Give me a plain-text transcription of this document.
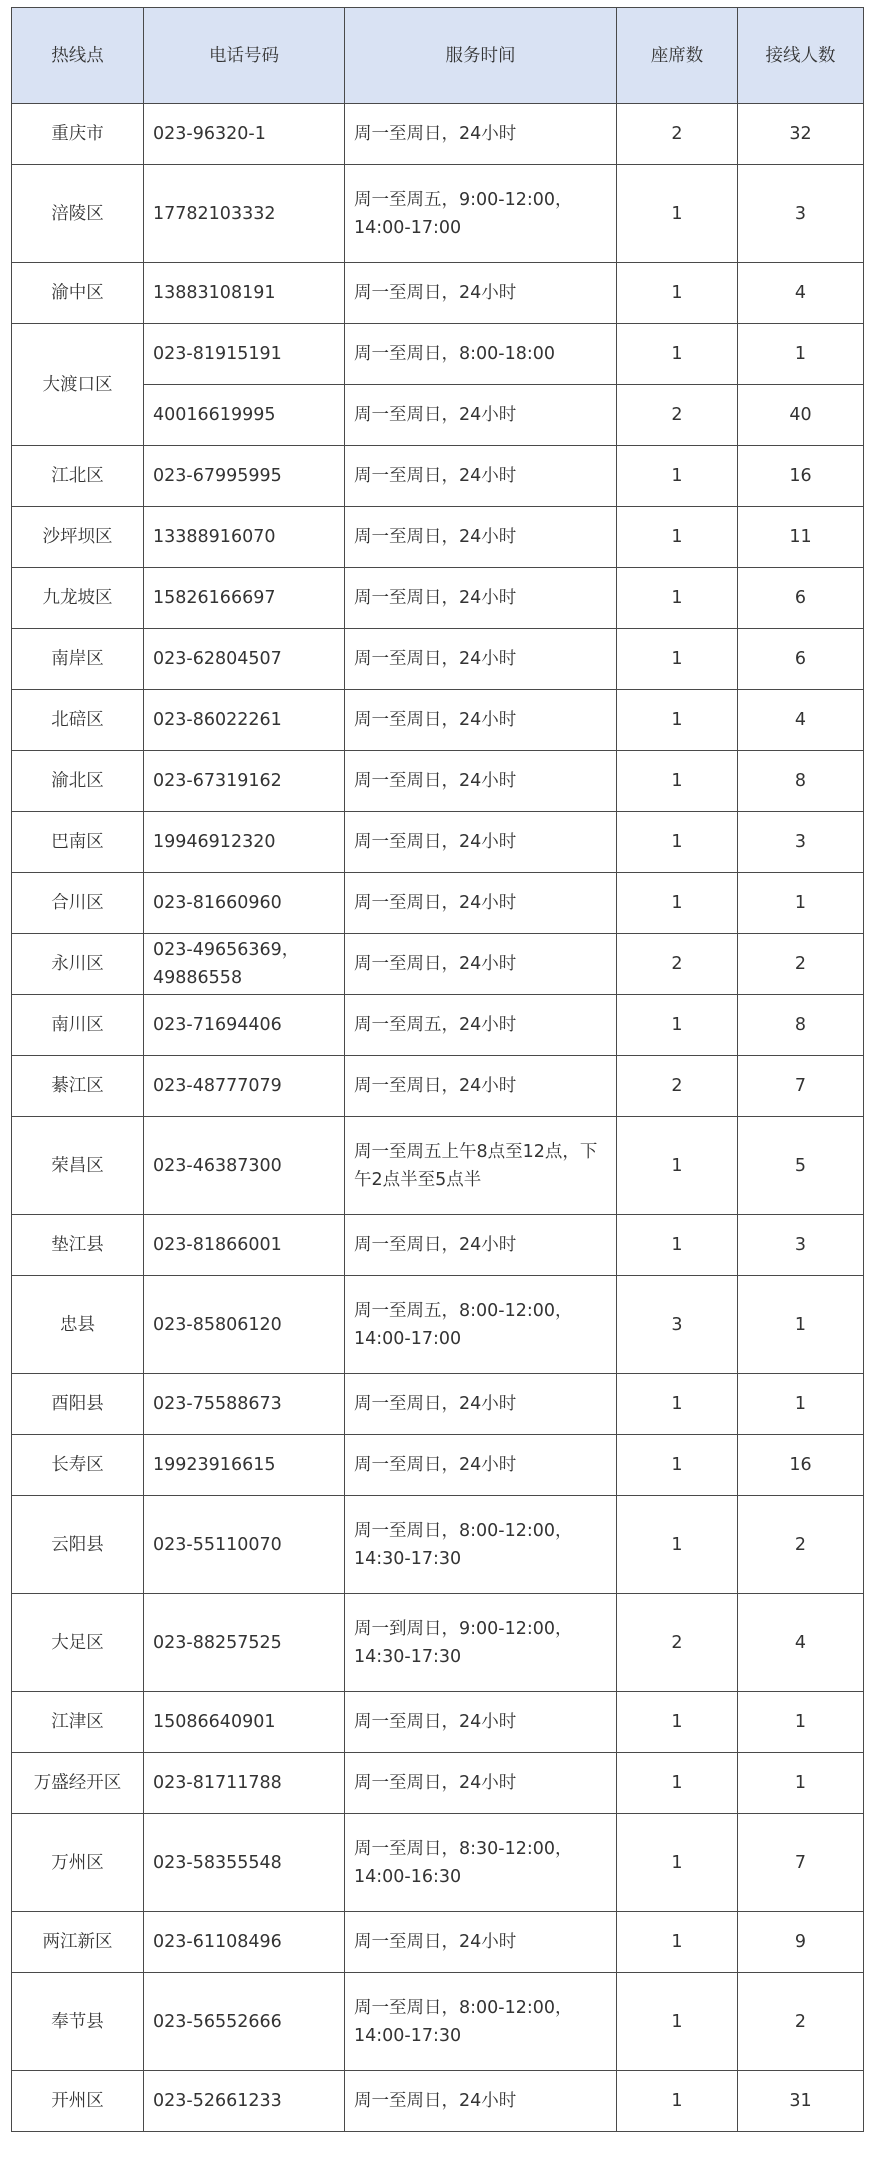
热线点	电话号码	服务时间	座席数	接线人数
重庆市	023-96320-1	周一至周日，24小时	2	32
涪陵区	17782103332	周一至周五，9:00-12:00，14:00-17:00	1	3
渝中区	13883108191	周一至周日，24小时	1	4
大渡口区	023-81915191	周一至周日，8:00-18:00	1	1
	40016619995	周一至周日，24小时	2	40
江北区	023-67995995	周一至周日，24小时	1	16
沙坪坝区	13388916070	周一至周日，24小时	1	11
九龙坡区	15826166697	周一至周日，24小时	1	6
南岸区	023-62804507	周一至周日，24小时	1	6
北碚区	023-86022261	周一至周日，24小时	1	4
渝北区	023-67319162	周一至周日，24小时	1	8
巴南区	19946912320	周一至周日，24小时	1	3
合川区	023-81660960	周一至周日，24小时	1	1
永川区	023-49656369，49886558	周一至周日，24小时	2	2
南川区	023-71694406	周一至周五，24小时	1	8
綦江区	023-48777079	周一至周日，24小时	2	7
荣昌区	023-46387300	周一至周五上午8点至12点，下午2点半至5点半	1	5
垫江县	023-81866001	周一至周日，24小时	1	3
忠县	023-85806120	周一至周五，8:00-12:00，14:00-17:00	3	1
酉阳县	023-75588673	周一至周日，24小时	1	1
长寿区	19923916615	周一至周日，24小时	1	16
云阳县	023-55110070	周一至周日，8:00-12:00，14:30-17:30	1	2
大足区	023-88257525	周一到周日，9:00-12:00，14:30-17:30	2	4
江津区	15086640901	周一至周日，24小时	1	1
万盛经开区	023-81711788	周一至周日，24小时	1	1
万州区	023-58355548	周一至周日，8:30-12:00，14:00-16:30	1	7
两江新区	023-61108496	周一至周日，24小时	1	9
奉节县	023-56552666	周一至周日，8:00-12:00，14:00-17:30	1	2
开州区	023-52661233	周一至周日，24小时	1	31
